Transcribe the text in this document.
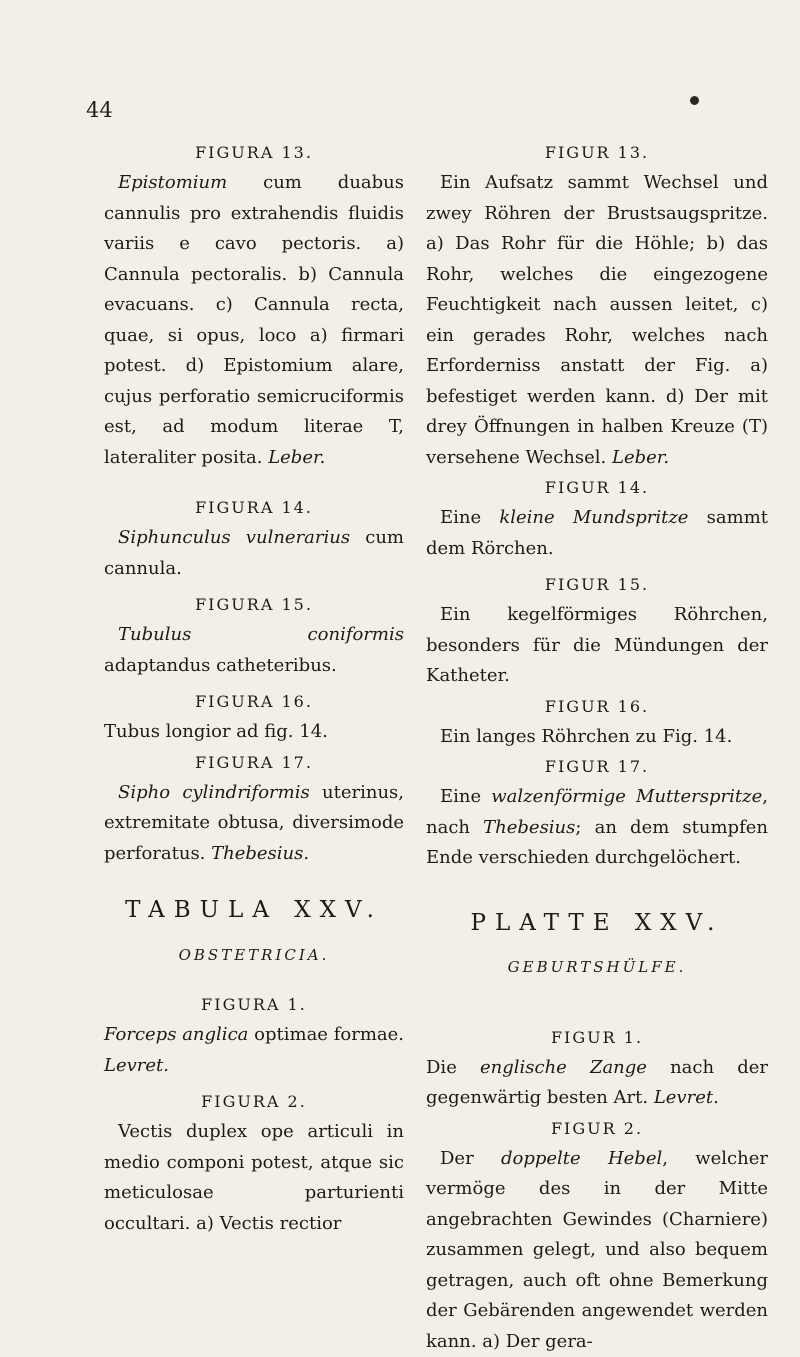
44
FIGURA 13.

Epistomium cum duabus cannulis pro extrahendis fluidis variis e cavo pectoris. a) Cannula pectoralis. b) Cannula evacuans. c) Cannula recta, quae, si opus, loco a) firmari potest. d) Epistomium alare, cujus perforatio semicruciformis est, ad modum literae T, lateraliter posita. Leber.

FIGURA 14.

Siphunculus vulnerarius cum cannula.

FIGURA 15.

Tubulus coniformis adaptandus catheteribus.

FIGURA 16.

Tubus longior ad fig. 14.

FIGURA 17.

Sipho cylindriformis uterinus, extremitate obtusa, diversimode perforatus. Thebesius.

TABULA XXV.
OBSTETRICIA.
FIGURA 1.

Forceps anglica optimae formae. Levret.

FIGURA 2.

Vectis duplex ope articuli in medio componi potest, atque sic meticulosae parturienti occultari. a) Vectis rectior

FIGUR 13.

Ein Aufsatz sammt Wechsel und zwey Röhren der Brustsaugspritze. a) Das Rohr für die Höhle; b) das Rohr, welches die eingezogene Feuchtigkeit nach aussen leitet, c) ein gerades Rohr, welches nach Erforderniss anstatt der Fig. a) befestiget werden kann. d) Der mit drey Öffnungen in halben Kreuze (T) versehene Wechsel. Leber.

FIGUR 14.

Eine kleine Mundspritze sammt dem Rörchen.

FIGUR 15.

Ein kegelförmiges Röhrchen, besonders für die Mündungen der Katheter.

FIGUR 16.

Ein langes Röhrchen zu Fig. 14.

FIGUR 17.

Eine walzenförmige Mutterspritze, nach Thebesius; an dem stumpfen Ende verschieden durchgelöchert.

PLATTE XXV.
GEBURTSHÜLFE.
FIGUR 1.

Die englische Zange nach der gegenwärtig besten Art. Levret.

FIGUR 2.

Der doppelte Hebel, welcher vermöge des in der Mitte angebrachten Gewindes (Charniere) zusammen gelegt, und also bequem getragen, auch oft ohne Bemerkung der Gebärenden angewendet werden kann. a) Der gera-
